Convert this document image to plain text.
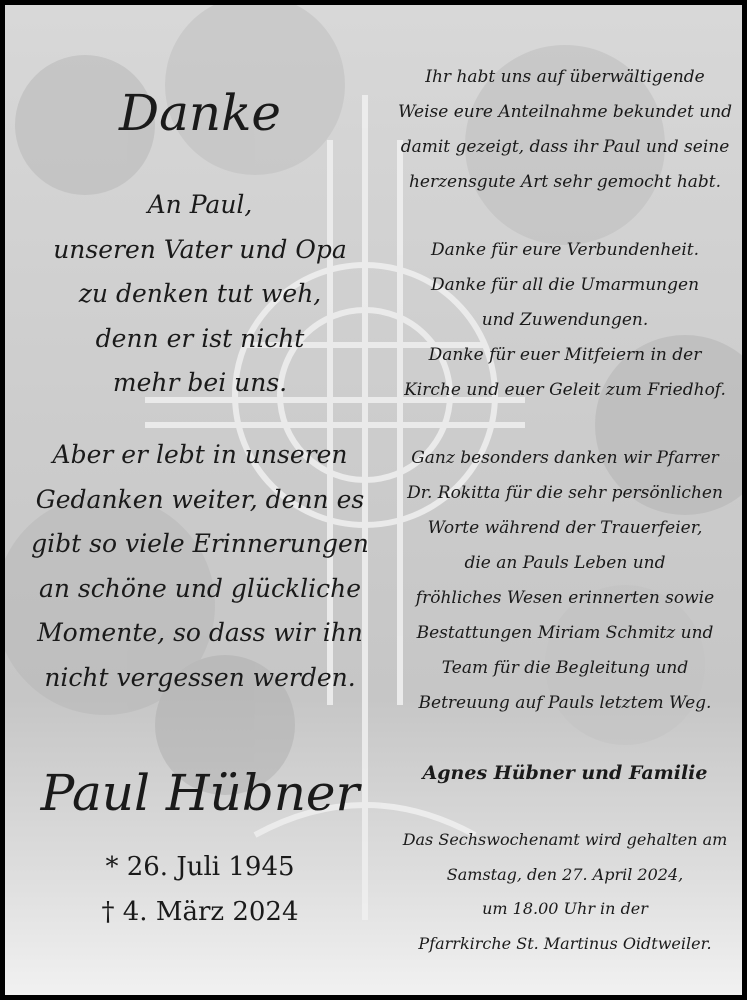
Danke

An Paul,
unseren Vater und Opa
zu denken tut weh,
denn er ist nicht
mehr bei uns.

Aber er lebt in unseren
Gedanken weiter, denn es
gibt so viele Erinnerungen
an schöne und glückliche
Momente, so dass wir ihn
nicht vergessen werden.

Paul Hübner

* 26. Juli 1945
† 4. März 2024

Ihr habt uns auf überwältigende
Weise eure Anteilnahme bekundet und
damit gezeigt, dass ihr Paul und seine
herzensgute Art sehr gemocht habt.

Danke für eure Verbundenheit.
Danke für all die Umarmungen
und Zuwendungen.
Danke für euer Mitfeiern in der
Kirche und euer Geleit zum Friedhof.

Ganz besonders danken wir Pfarrer
Dr. Rokitta für die sehr persönlichen
Worte während der Trauerfeier,
die an Pauls Leben und
fröhliches Wesen erinnerten sowie
Bestattungen Miriam Schmitz und
Team für die Begleitung und
Betreuung auf Pauls letztem Weg.

Agnes Hübner und Familie

Das Sechswochenamt wird gehalten am
Samstag, den 27. April 2024,
um 18.00 Uhr in der
Pfarrkirche St. Martinus Oidtweiler.
